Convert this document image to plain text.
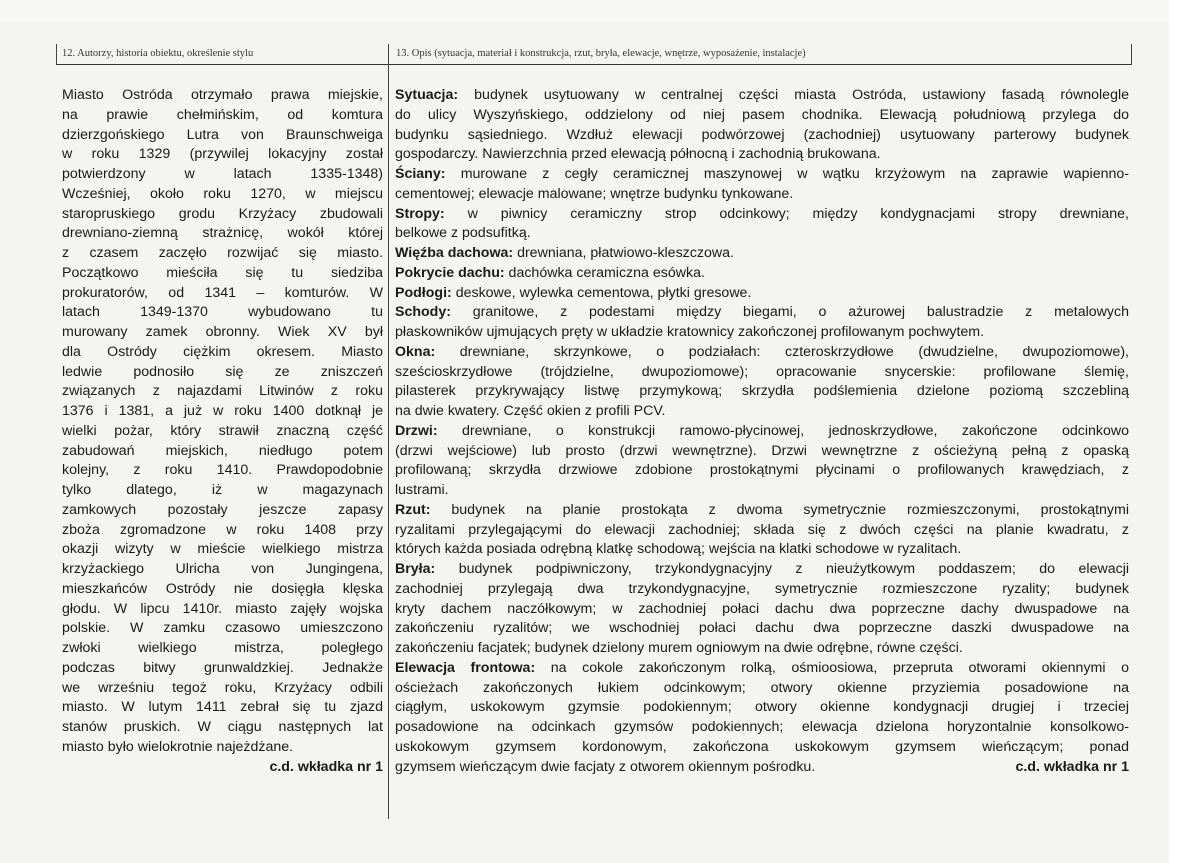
12. Autorzy, historia obiektu, określenie stylu	13. Opis (sytuacja, materiał i konstrukcja, rzut, bryła, elewacje, wnętrze, wyposażenie, instalacje)
Miasto Ostróda otrzymało prawa miejskie,
na prawie chełmińskim, od komtura
dzierzgońskiego Lutra von Braunschweiga
w roku 1329 (przywilej lokacyjny został
potwierdzony w latach 1335-1348)
Wcześniej, około roku 1270, w miejscu
staropruskiego grodu Krzyżacy zbudowali
drewniano-ziemną strażnicę, wokół której
z czasem zaczęło rozwijać się miasto.
Początkowo mieściła się tu siedziba
prokuratorów, od 1341 – komturów. W
latach 1349-1370 wybudowano tu
murowany zamek obronny. Wiek XV był
dla Ostródy ciężkim okresem. Miasto
ledwie podnosiło się ze zniszczeń
związanych z najazdami Litwinów z roku
1376 i 1381, a już w roku 1400 dotknął je
wielki pożar, który strawił znaczną część
zabudowań miejskich, niedługo potem
kolejny, z roku 1410. Prawdopodobnie
tylko dlatego, iż w magazynach
zamkowych pozostały jeszcze zapasy
zboża zgromadzone w roku 1408 przy
okazji wizyty w mieście wielkiego mistrza
krzyżackiego Ulricha von Jungingena,
mieszkańców Ostródy nie dosięgła klęska
głodu. W lipcu 1410r. miasto zajęły wojska
polskie. W zamku czasowo umieszczono
zwłoki wielkiego mistrza, poległego
podczas bitwy grunwaldzkiej. Jednakże
we wrześniu tegoż roku, Krzyżacy odbili
miasto. W lutym 1411 zebrał się tu zjazd
stanów pruskich. W ciągu następnych lat
miasto było wielokrotnie najeżdżane.
c.d. wkładka nr 1
Sytuacja: budynek usytuowany w centralnej części miasta Ostróda, ustawiony fasadą równolegle
do ulicy Wyszyńskiego, oddzielony od niej pasem chodnika. Elewacją południową przylega do
budynku sąsiedniego. Wzdłuż elewacji podwórzowej (zachodniej) usytuowany parterowy budynek
gospodarczy. Nawierzchnia przed elewacją północną i zachodnią brukowana.
Ściany: murowane z cegły ceramicznej maszynowej w wątku krzyżowym na zaprawie wapienno-
cementowej; elewacje malowane; wnętrze budynku tynkowane.
Stropy: w piwnicy ceramiczny strop odcinkowy; między kondygnacjami stropy drewniane,
belkowe z podsufitką.
Więźba dachowa: drewniana, płatwiowo-kleszczowa.
Pokrycie dachu: dachówka ceramiczna esówka.
Podłogi: deskowe, wylewka cementowa, płytki gresowe.
Schody: granitowe, z podestami między biegami, o ażurowej balustradzie z metalowych
płaskowników ujmujących pręty w układzie kratownicy zakończonej profilowanym pochwytem.
Okna: drewniane, skrzynkowe, o podziałach: czteroskrzydłowe (dwudzielne, dwupoziomowe),
sześcioskrzydłowe (trójdzielne, dwupoziomowe); opracowanie snycerskie: profilowane ślemię,
pilasterek przykrywający listwę przymykową; skrzydła podślemienia dzielone poziomą szczebliną
na dwie kwatery. Część okien z profili PCV.
Drzwi: drewniane, o konstrukcji ramowo-płycinowej, jednoskrzydłowe, zakończone odcinkowo
(drzwi wejściowe) lub prosto (drzwi wewnętrzne). Drzwi wewnętrzne z ościeżyną pełną z opaską
profilowaną; skrzydła drzwiowe zdobione prostokątnymi płycinami o profilowanych krawędziach, z
lustrami.
Rzut: budynek na planie prostokąta z dwoma symetrycznie rozmieszczonymi, prostokątnymi
ryzalitami przylegającymi do elewacji zachodniej; składa się z dwóch części na planie kwadratu, z
których każda posiada odrębną klatkę schodową; wejścia na klatki schodowe w ryzalitach.
Bryła: budynek podpiwniczony, trzykondygnacyjny z nieużytkowym poddaszem; do elewacji
zachodniej przylegają dwa trzykondygnacyjne, symetrycznie rozmieszczone ryzality; budynek
kryty dachem naczółkowym; w zachodniej połaci dachu dwa poprzeczne dachy dwuspadowe na
zakończeniu ryzalitów; we wschodniej połaci dachu dwa poprzeczne daszki dwuspadowe na
zakończeniu facjatek; budynek dzielony murem ogniowym na dwie odrębne, równe części.
Elewacja frontowa: na cokole zakończonym rolką, ośmioosiowa, przepruta otworami okiennymi o
ościeżach zakończonych łukiem odcinkowym; otwory okienne przyziemia posadowione na
ciągłym, uskokowym gzymsie podokiennym; otwory okienne kondygnacji drugiej i trzeciej
posadowione na odcinkach gzymsów podokiennych; elewacja dzielona horyzontalnie konsolkowo-
uskokowym gzymsem kordonowym, zakończona uskokowym gzymsem wieńczącym; ponad
gzymsem wieńczącym dwie facjaty z otworem okiennym pośrodku.	c.d. wkładka nr 1
